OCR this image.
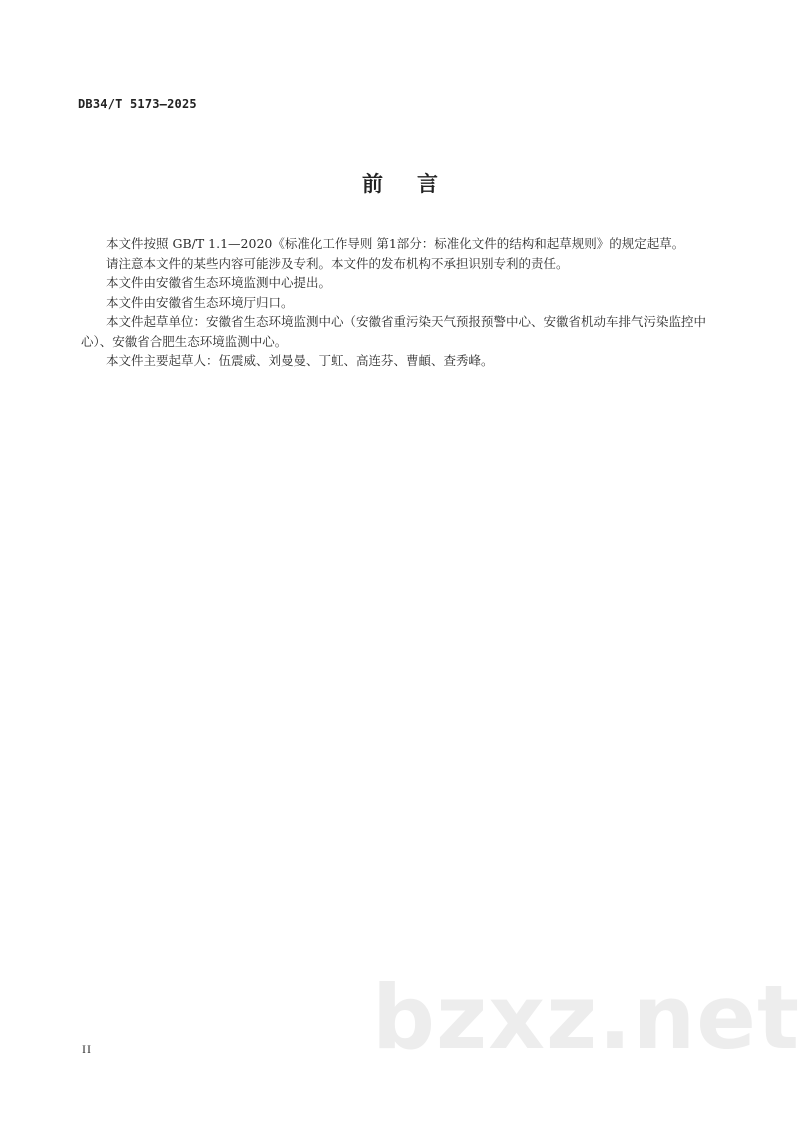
DB34/T 5173—2025
前言

本文件按照 GB/T 1.1—2020《标准化工作导则 第1部分：标准化文件的结构和起草规则》的规定起草。

请注意本文件的某些内容可能涉及专利。本文件的发布机构不承担识别专利的责任。

本文件由安徽省生态环境监测中心提出。

本文件由安徽省生态环境厅归口。

本文件起草单位：安徽省生态环境监测中心（安徽省重污染天气预报预警中心、安徽省机动车排气污染监控中心）、安徽省合肥生态环境监测中心。

本文件主要起草人：伍震威、刘曼曼、丁虹、高连芬、曹頔、查秀峰。

bzxz.net
II
